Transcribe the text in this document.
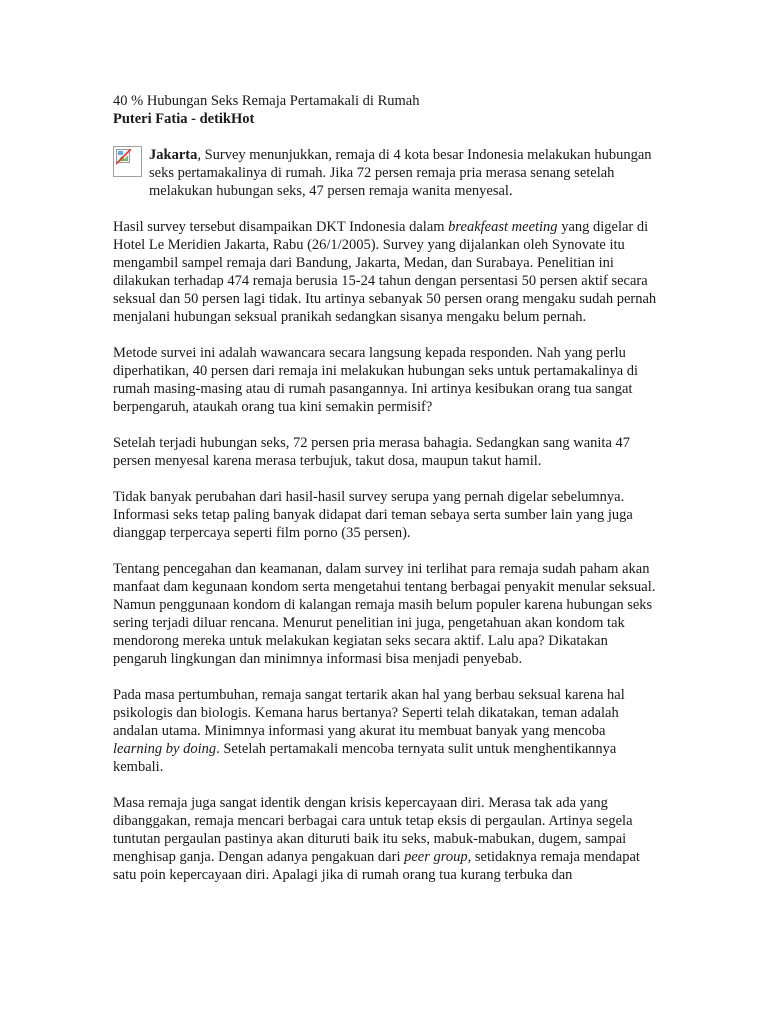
40 % Hubungan Seks Remaja Pertamakali di Rumah

Puteri Fatia - detikHot

Jakarta, Survey menunjukkan, remaja di 4 kota besar Indonesia melakukan hubungan seks pertamakalinya di rumah. Jika 72 persen remaja pria merasa senang setelah melakukan hubungan seks, 47 persen remaja wanita menyesal.

Hasil survey tersebut disampaikan DKT Indonesia dalam breakfeast meeting yang digelar di Hotel Le Meridien Jakarta, Rabu (26/1/2005). Survey yang dijalankan oleh Synovate itu mengambil sampel remaja dari Bandung, Jakarta, Medan, dan Surabaya. Penelitian ini dilakukan terhadap 474 remaja berusia 15-24 tahun dengan persentasi 50 persen aktif secara seksual dan 50 persen lagi tidak. Itu artinya sebanyak 50 persen orang mengaku sudah pernah menjalani hubungan seksual pranikah sedangkan sisanya mengaku belum pernah.

Metode survei ini adalah wawancara secara langsung kepada responden. Nah yang perlu diperhatikan, 40 persen dari remaja ini melakukan hubungan seks untuk pertamakalinya di rumah masing-masing atau di rumah pasangannya. Ini artinya kesibukan orang tua sangat berpengaruh, ataukah orang tua kini semakin permisif?

Setelah terjadi hubungan seks, 72 persen pria merasa bahagia. Sedangkan sang wanita 47 persen menyesal karena merasa terbujuk, takut dosa, maupun takut hamil.

Tidak banyak perubahan dari hasil-hasil survey serupa yang pernah digelar sebelumnya. Informasi seks tetap paling banyak didapat dari teman sebaya serta sumber lain yang juga dianggap terpercaya seperti film porno (35 persen).

Tentang pencegahan dan keamanan, dalam survey ini terlihat para remaja sudah paham akan manfaat dam kegunaan kondom serta mengetahui tentang berbagai penyakit menular seksual. Namun penggunaan kondom di kalangan remaja masih belum populer karena hubungan seks sering terjadi diluar rencana. Menurut penelitian ini juga, pengetahuan akan kondom tak mendorong mereka untuk melakukan kegiatan seks secara aktif. Lalu apa? Dikatakan pengaruh lingkungan dan minimnya informasi bisa menjadi penyebab.

Pada masa pertumbuhan, remaja sangat tertarik akan hal yang berbau seksual karena hal psikologis dan biologis. Kemana harus bertanya? Seperti telah dikatakan, teman adalah andalan utama. Minimnya informasi yang akurat itu membuat banyak yang mencoba learning by doing. Setelah pertamakali mencoba ternyata sulit untuk menghentikannya kembali.

Masa remaja juga sangat identik dengan krisis kepercayaan diri. Merasa tak ada yang dibanggakan, remaja mencari berbagai cara untuk tetap eksis di pergaulan. Artinya segela tuntutan pergaulan pastinya akan dituruti baik itu seks, mabuk-mabukan, dugem, sampai menghisap ganja. Dengan adanya pengakuan dari peer group, setidaknya remaja mendapat satu poin kepercayaan diri. Apalagi jika di rumah orang tua kurang terbuka dan
